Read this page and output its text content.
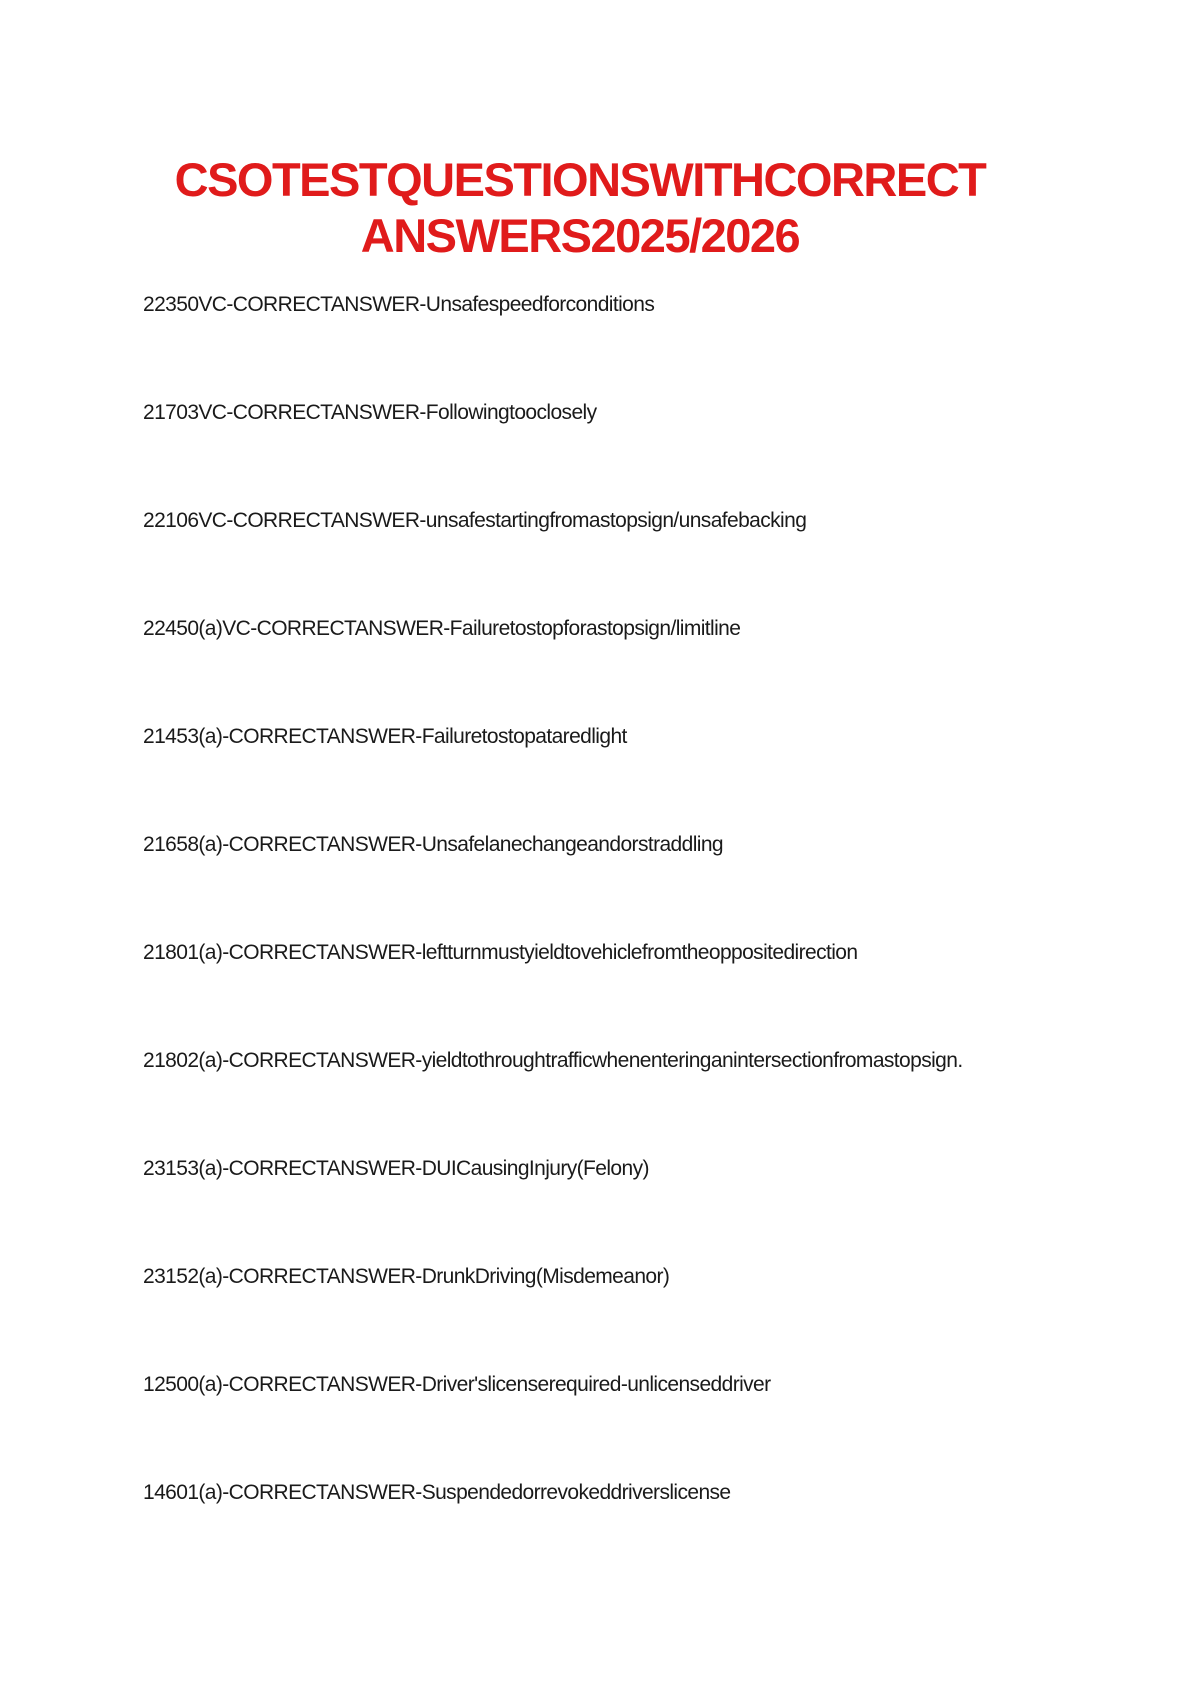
CSOTESTQUESTIONSWITHCORRECT
ANSWERS2025/2026
22350VC-CORRECTANSWER-Unsafespeedforconditions
21703VC-CORRECTANSWER-Followingtooclosely
22106VC-CORRECTANSWER-unsafestartingfromastopsign/unsafebacking
22450(a)VC-CORRECTANSWER-Failuretostopforastopsign/limitline
21453(a)-CORRECTANSWER-Failuretostopataredlight
21658(a)-CORRECTANSWER-Unsafelanechangeandorstraddling
21801(a)-CORRECTANSWER-leftturnmustyieldtovehiclefromtheoppositedirection
21802(a)-CORRECTANSWER-yieldtothroughtrafficwhenenteringanintersectionfromastopsign.
23153(a)-CORRECTANSWER-DUICausingInjury(Felony)
23152(a)-CORRECTANSWER-DrunkDriving(Misdemeanor)
12500(a)-CORRECTANSWER-Driver'slicenserequired-unlicenseddriver
14601(a)-CORRECTANSWER-Suspendedorrevokeddriverslicense
